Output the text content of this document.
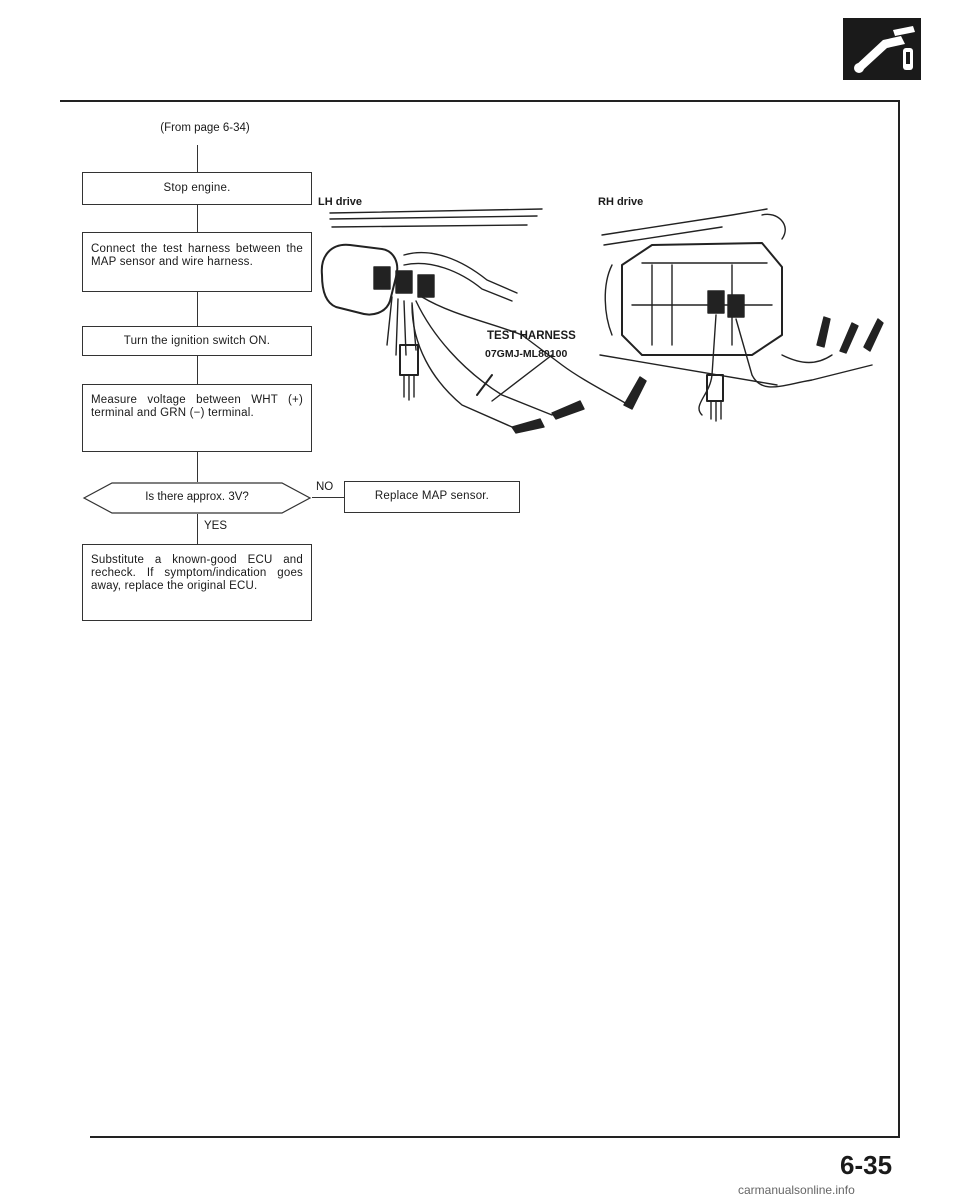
(From page 6-34)
Stop engine.
Connect the test harness between the MAP sensor and wire harness.
Turn the ignition switch ON.
Measure voltage between WHT (+) terminal and GRN (−) terminal.
Is there approx. 3V?
NO
Replace MAP sensor.
YES
Substitute a known-good ECU and recheck. If symptom/indication goes away, replace the original ECU.
LH drive	RH drive
TEST HARNESS
07GMJ-ML80100
6-35
carmanualsonline.info
